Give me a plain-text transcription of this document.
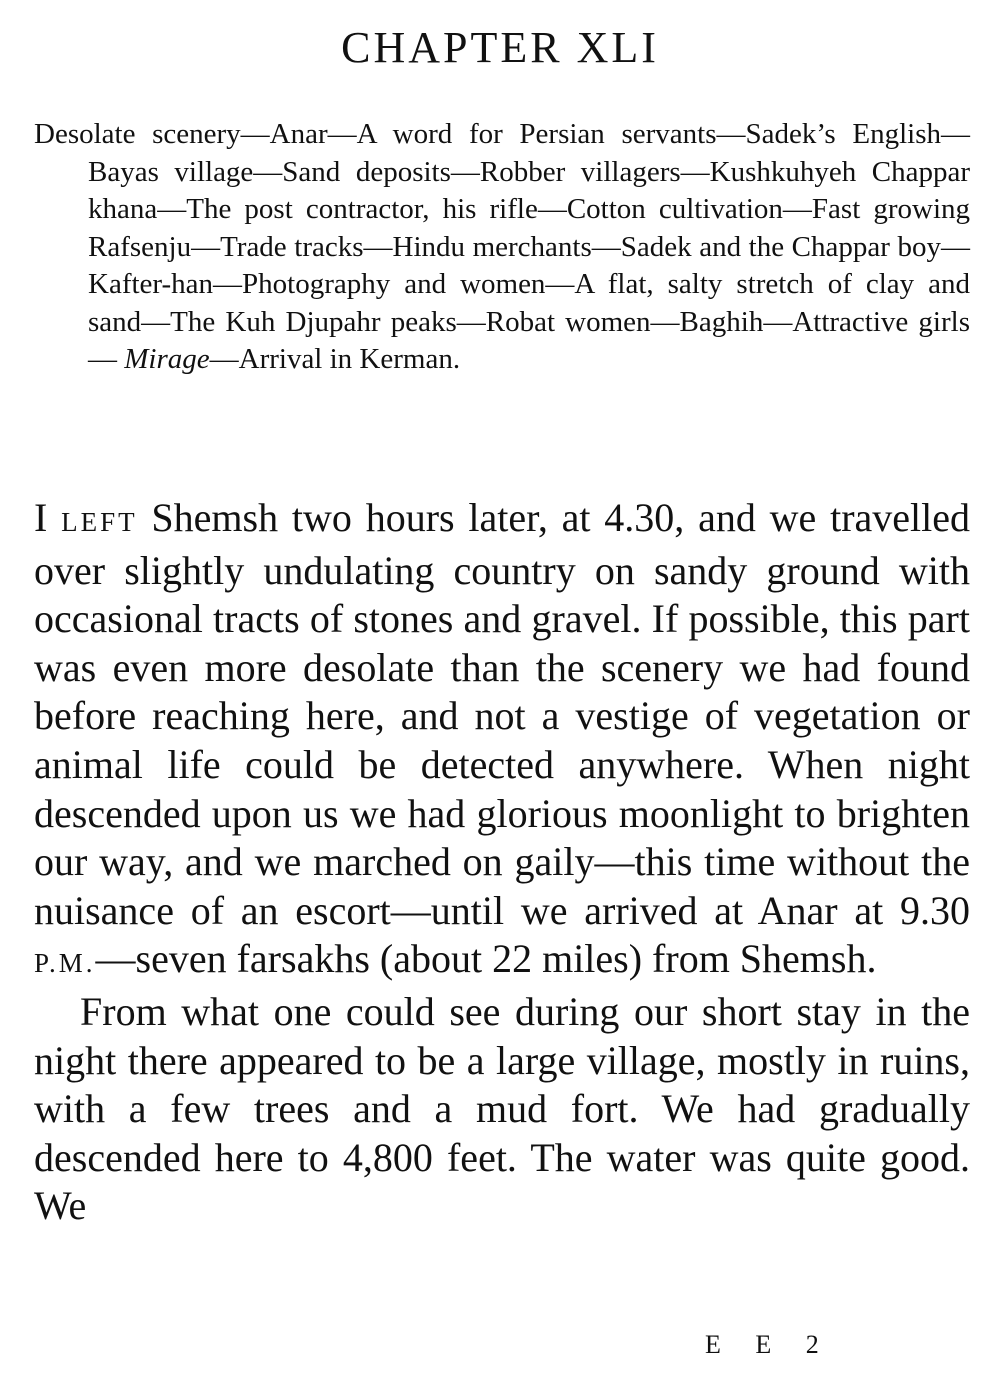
CHAPTER XLI
Desolate scenery—Anar—A word for Persian servants—Sadek’s English—Bayas village—Sand deposits—Robber villagers—Kushkuhyeh Chappar khana—The post contractor, his rifle—Cotton cultivation—Fast growing Rafsenju—Trade tracks—Hindu merchants—Sadek and the Chappar boy—Kafter-han—Photography and women—A flat, salty stretch of clay and sand—The Kuh Djupahr peaks—Robat women—Baghih—Attractive girls — Mirage—Arrival in Kerman.

I LEFT Shemsh two hours later, at 4.30, and we travelled over slightly undulating country on sandy ground with occasional tracts of stones and gravel. If possible, this part was even more desolate than the scenery we had found before reaching here, and not a vestige of vegetation or animal life could be detected anywhere. When night descended upon us we had glorious moonlight to brighten our way, and we marched on gaily—this time without the nuisance of an escort—until we arrived at Anar at 9.30 P.M.—seven farsakhs (about 22 miles) from Shemsh.

From what one could see during our short stay in the night there appeared to be a large village, mostly in ruins, with a few trees and a mud fort. We had gradually descended here to 4,800 feet. The water was quite good. We

E E 2
